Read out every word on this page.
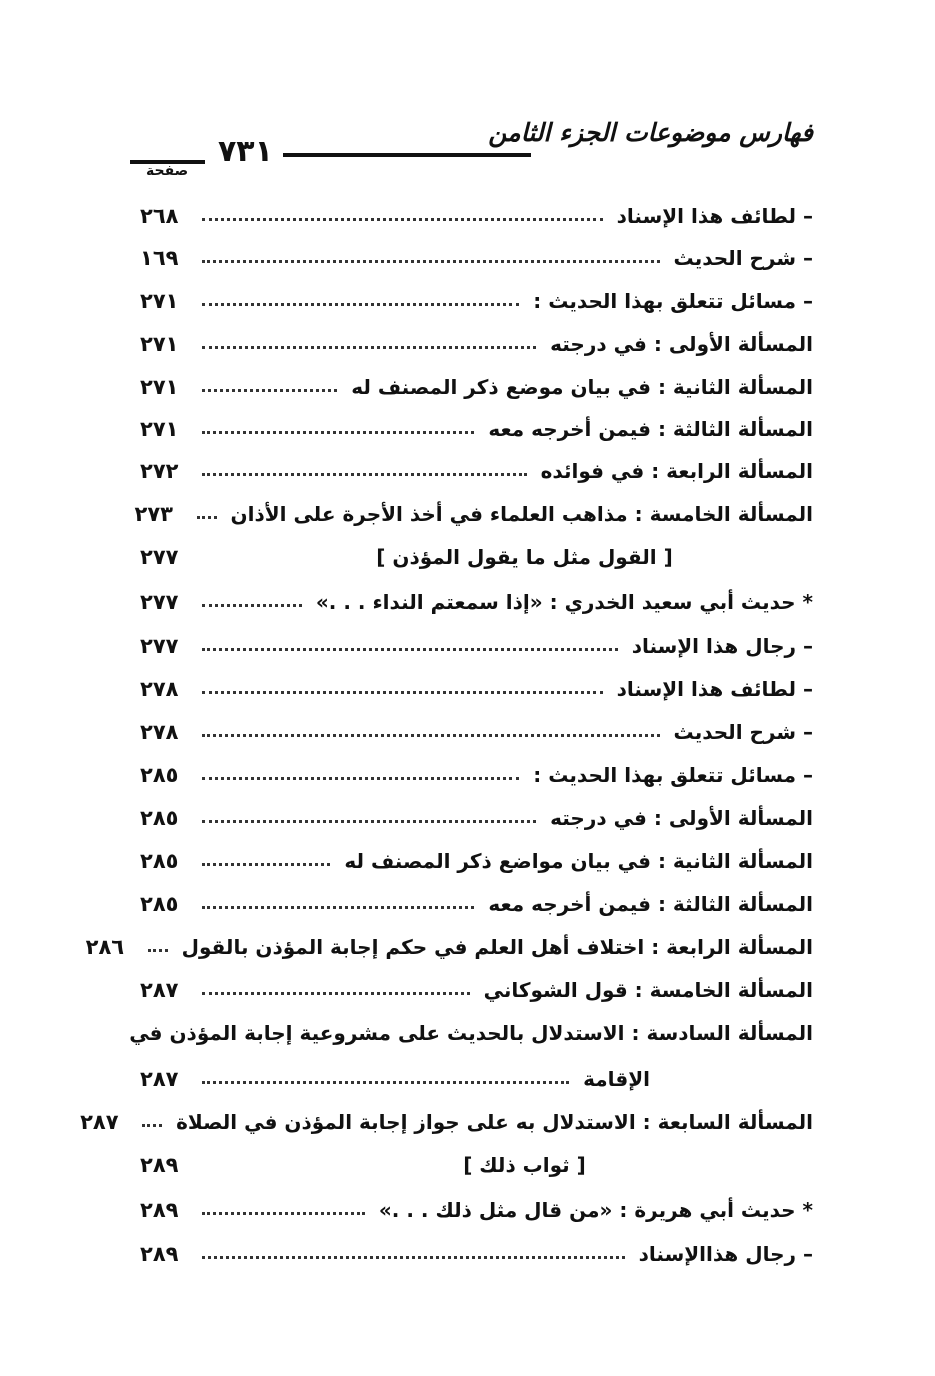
فهارس موضوعات الجزء الثامن
٧٣١
صفحة
– لطائف هذا الإسناد
٢٦٨
– شرح الحديث
١٦٩
– مسائل تتعلق بهذا الحديث :
٢٧١
المسألة الأولى : في درجته
٢٧١
المسألة الثانية : في بيان موضع ذكر المصنف له
٢٧١
المسألة الثالثة : فيمن أخرجه معه
٢٧١
المسألة الرابعة : في فوائده
٢٧٢
المسألة الخامسة : مذاهب العلماء في أخذ الأجرة على الأذان
٢٧٣
[ القول مثل ما يقول المؤذن ]
٢٧٧
* حديث أبي سعيد الخدري : «إذا سمعتم النداء . . .»
٢٧٧
– رجال هذا الإسناد
٢٧٧
– لطائف هذا الإسناد
٢٧٨
– شرح الحديث
٢٧٨
– مسائل تتعلق بهذا الحديث :
٢٨٥
المسألة الأولى : في درجته
٢٨٥
المسألة الثانية : في بيان مواضع ذكر المصنف له
٢٨٥
المسألة الثالثة : فيمن أخرجه معه
٢٨٥
المسألة الرابعة : اختلاف أهل العلم في حكم إجابة المؤذن بالقول
٢٨٦
المسألة الخامسة : قول الشوكاني
٢٨٧
المسألة السادسة : الاستدلال بالحديث على مشروعية إجابة المؤذن في
الإقامة
٢٨٧
المسألة السابعة : الاستدلال به على جواز إجابة المؤذن في الصلاة
٢٨٧
[ ثواب ذلك ]
٢٨٩
* حديث أبي هريرة : «من قال مثل ذلك . . .»
٢٨٩
– رجال هذاالإسناد
٢٨٩
